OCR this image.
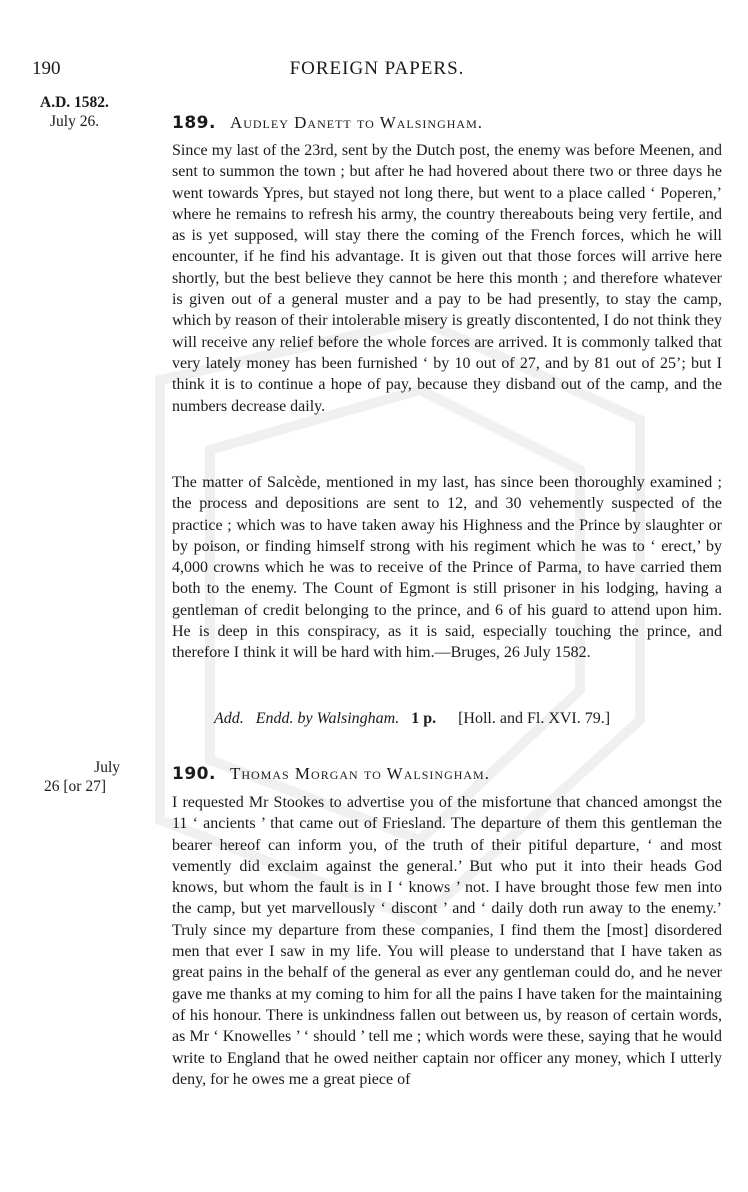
190	FOREIGN PAPERS.
A.D. 1582.
July 26.	189. Audley Danett to Walsingham.

Since my last of the 23rd, sent by the Dutch post, the enemy was before Meenen, and sent to summon the town ; but after he had hovered about there two or three days he went towards Ypres, but stayed not long there, but went to a place called ‘ Poperen,’ where he remains to refresh his army, the country thereabouts being very fertile, and as is yet supposed, will stay there the coming of the French forces, which he will encounter, if he find his advantage. It is given out that those forces will arrive here shortly, but the best believe they cannot be here this month ; and therefore whatever is given out of a general muster and a pay to be had presently, to stay the camp, which by reason of their intolerable misery is greatly discontented, I do not think they will receive any relief before the whole forces are arrived. It is commonly talked that very lately money has been furnished ‘ by 10 out of 27, and by 81 out of 25’; but I think it is to continue a hope of pay, because they disband out of the camp, and the numbers decrease daily.

The matter of Salcède, mentioned in my last, has since been thoroughly examined ; the process and depositions are sent to 12, and 30 vehemently suspected of the practice ; which was to have taken away his Highness and the Prince by slaughter or by poison, or finding himself strong with his regiment which he was to ‘ erect,’ by 4,000 crowns which he was to receive of the Prince of Parma, to have carried them both to the enemy. The Count of Egmont is still prisoner in his lodging, having a gentleman of credit belonging to the prince, and 6 of his guard to attend upon him. He is deep in this conspiracy, as it is said, especially touching the prince, and therefore I think it will be hard with him.—Bruges, 26 July 1582.

Add. Endd. by Walsingham. 1 p. [Holl. and Fl. XVI. 79.]
July
26 [or 27]
190. Thomas Morgan to Walsingham.

I requested Mr Stookes to advertise you of the misfortune that chanced amongst the 11 ‘ ancients ’ that came out of Friesland. The departure of them this gentleman the bearer hereof can inform you, of the truth of their pitiful departure, ‘ and most vemently did exclaim against the general.’ But who put it into their heads God knows, but whom the fault is in I ‘ knows ’ not. I have brought those few men into the camp, but yet marvellously ‘ discont ’ and ‘ daily doth run away to the enemy.’ Truly since my departure from these companies, I find them the [most] disordered men that ever I saw in my life. You will please to understand that I have taken as great pains in the behalf of the general as ever any gentleman could do, and he never gave me thanks at my coming to him for all the pains I have taken for the maintaining of his honour. There is unkindness fallen out between us, by reason of certain words, as Mr ‘ Knowelles ’ ‘ should ’ tell me ; which words were these, saying that he would write to England that he owed neither captain nor officer any money, which I utterly deny, for he owes me a great piece of
